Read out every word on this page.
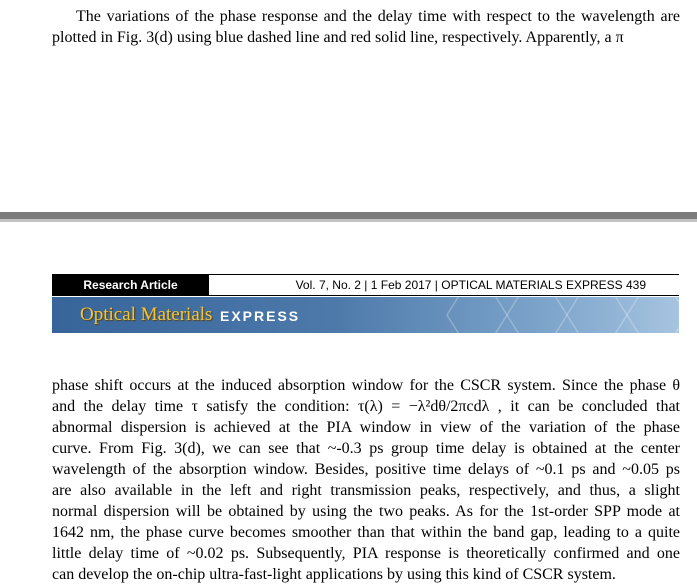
The variations of the phase response and the delay time with respect to the wavelength are
plotted in Fig. 3(d) using blue dashed line and red solid line, respectively. Apparently, a π

Research Article	Vol. 7, No. 2 | 1 Feb 2017 | OPTICAL MATERIALS EXPRESS 439
Optical Materials EXPRESS

phase shift occurs at the induced absorption window for the CSCR system. Since the phase θ
and the delay time τ satisfy the condition: τ(λ) = −λ²dθ/2πcdλ , it can be concluded that
abnormal dispersion is achieved at the PIA window in view of the variation of the phase
curve. From Fig. 3(d), we can see that ~-0.3 ps group time delay is obtained at the center
wavelength of the absorption window. Besides, positive time delays of ~0.1 ps and ~0.05 ps
are also available in the left and right transmission peaks, respectively, and thus, a slight
normal dispersion will be obtained by using the two peaks. As for the 1st-order SPP mode at
1642 nm, the phase curve becomes smoother than that within the band gap, leading to a quite
little delay time of ~0.02 ps. Subsequently, PIA response is theoretically confirmed and one
can develop the on-chip ultra-fast-light applications by using this kind of CSCR system.
